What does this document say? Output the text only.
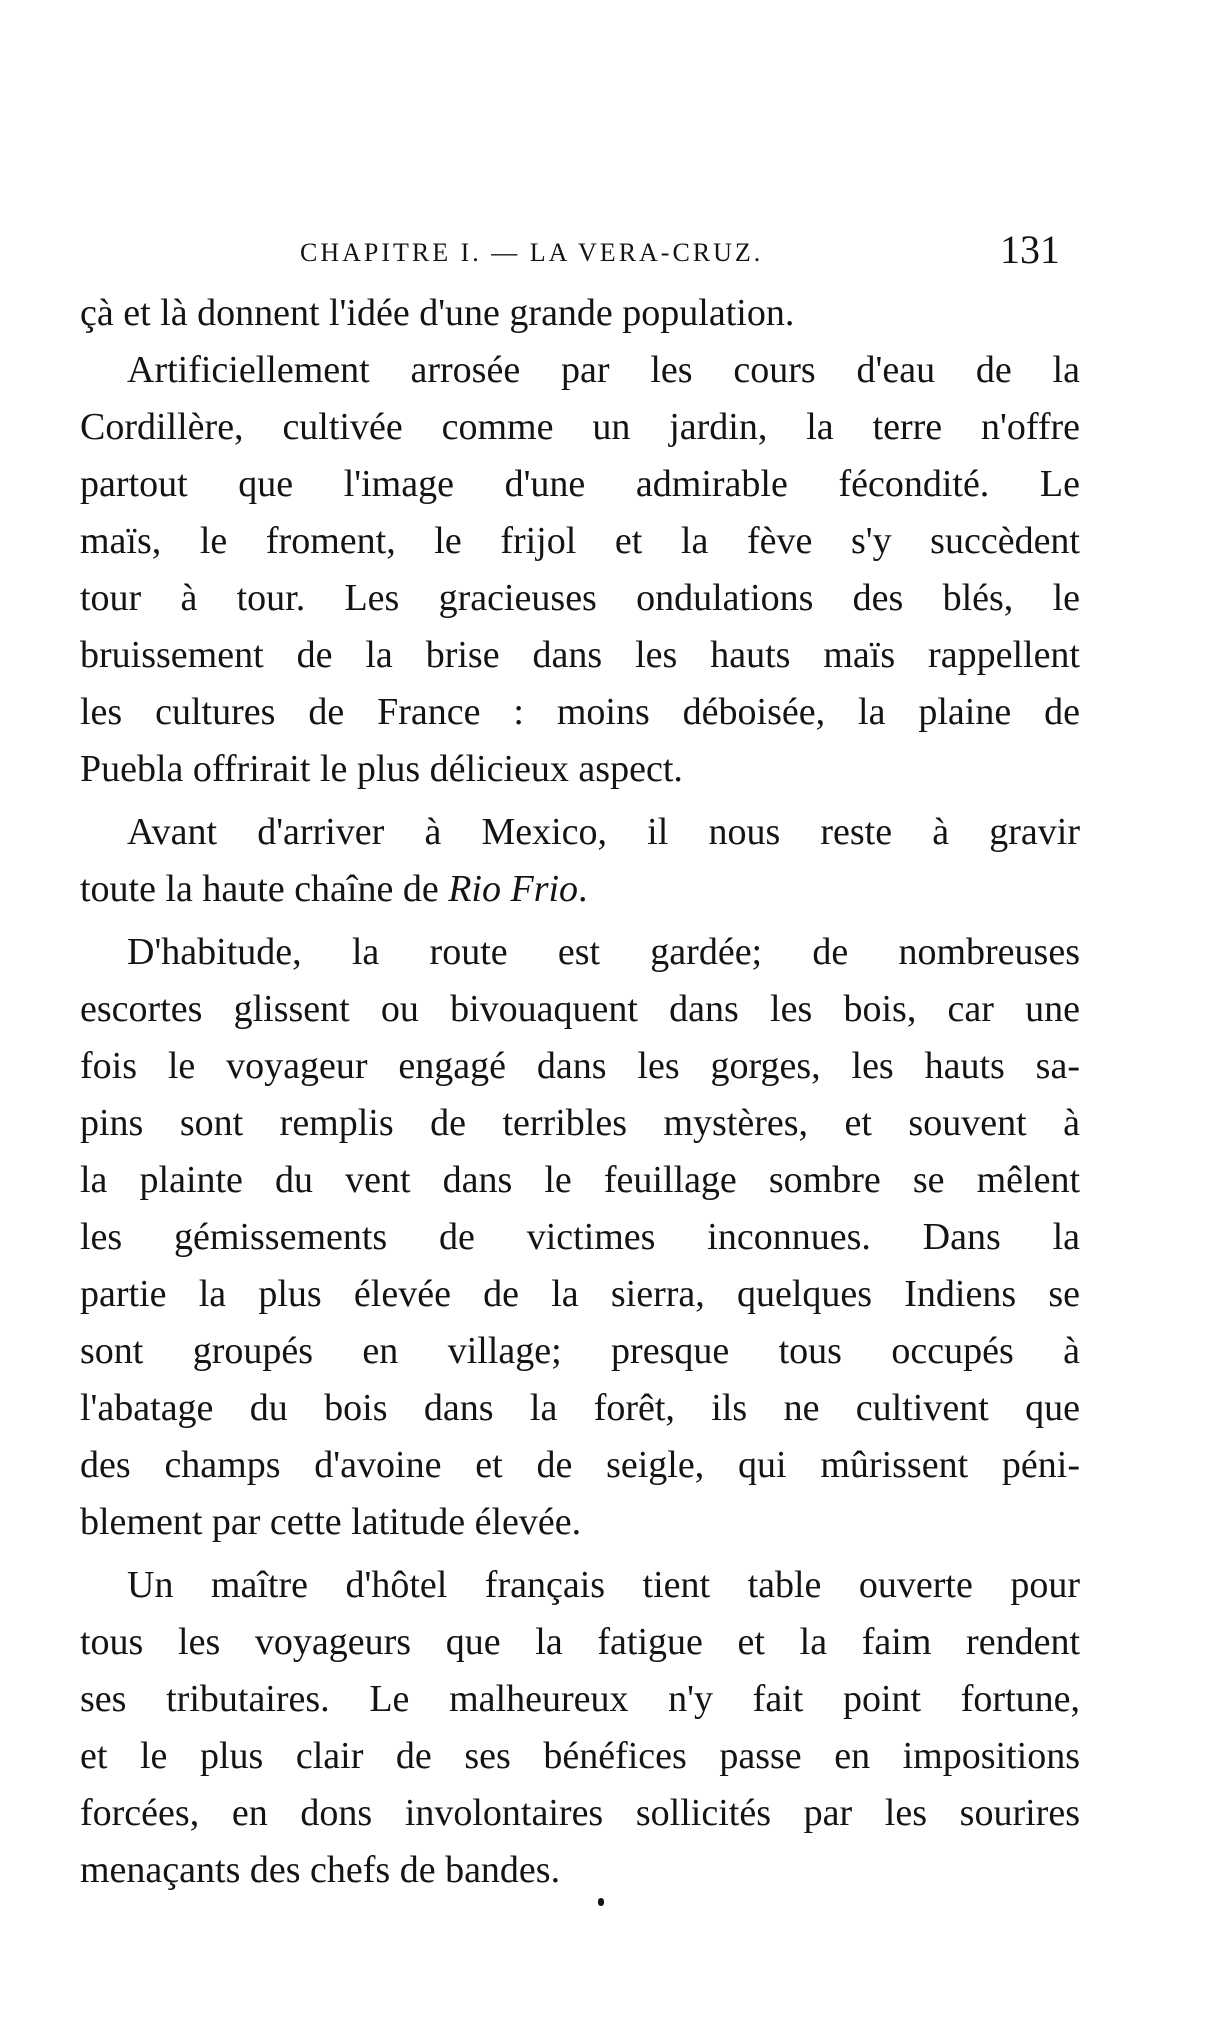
CHAPITRE I. — LA VERA-CRUZ.	131
çà et là donnent l'idée d'une grande population.
Artificiellement arrosée par les cours d'eau de la
Cordillère, cultivée comme un jardin, la terre n'offre
partout que l'image d'une admirable fécondité. Le
maïs, le froment, le frijol et la fève s'y succèdent
tour à tour. Les gracieuses ondulations des blés, le
bruissement de la brise dans les hauts maïs rappellent
les cultures de France : moins déboisée, la plaine de
Puebla offrirait le plus délicieux aspect.
Avant d'arriver à Mexico, il nous reste à gravir
toute la haute chaîne de Rio Frio.
D'habitude, la route est gardée; de nombreuses
escortes glissent ou bivouaquent dans les bois, car une
fois le voyageur engagé dans les gorges, les hauts sa-
pins sont remplis de terribles mystères, et souvent à
la plainte du vent dans le feuillage sombre se mêlent
les gémissements de victimes inconnues. Dans la
partie la plus élevée de la sierra, quelques Indiens se
sont groupés en village; presque tous occupés à
l'abatage du bois dans la forêt, ils ne cultivent que
des champs d'avoine et de seigle, qui mûrissent péni-
blement par cette latitude élevée.
Un maître d'hôtel français tient table ouverte pour
tous les voyageurs que la fatigue et la faim rendent
ses tributaires. Le malheureux n'y fait point fortune,
et le plus clair de ses bénéfices passe en impositions
forcées, en dons involontaires sollicités par les sourires
menaçants des chefs de bandes.
